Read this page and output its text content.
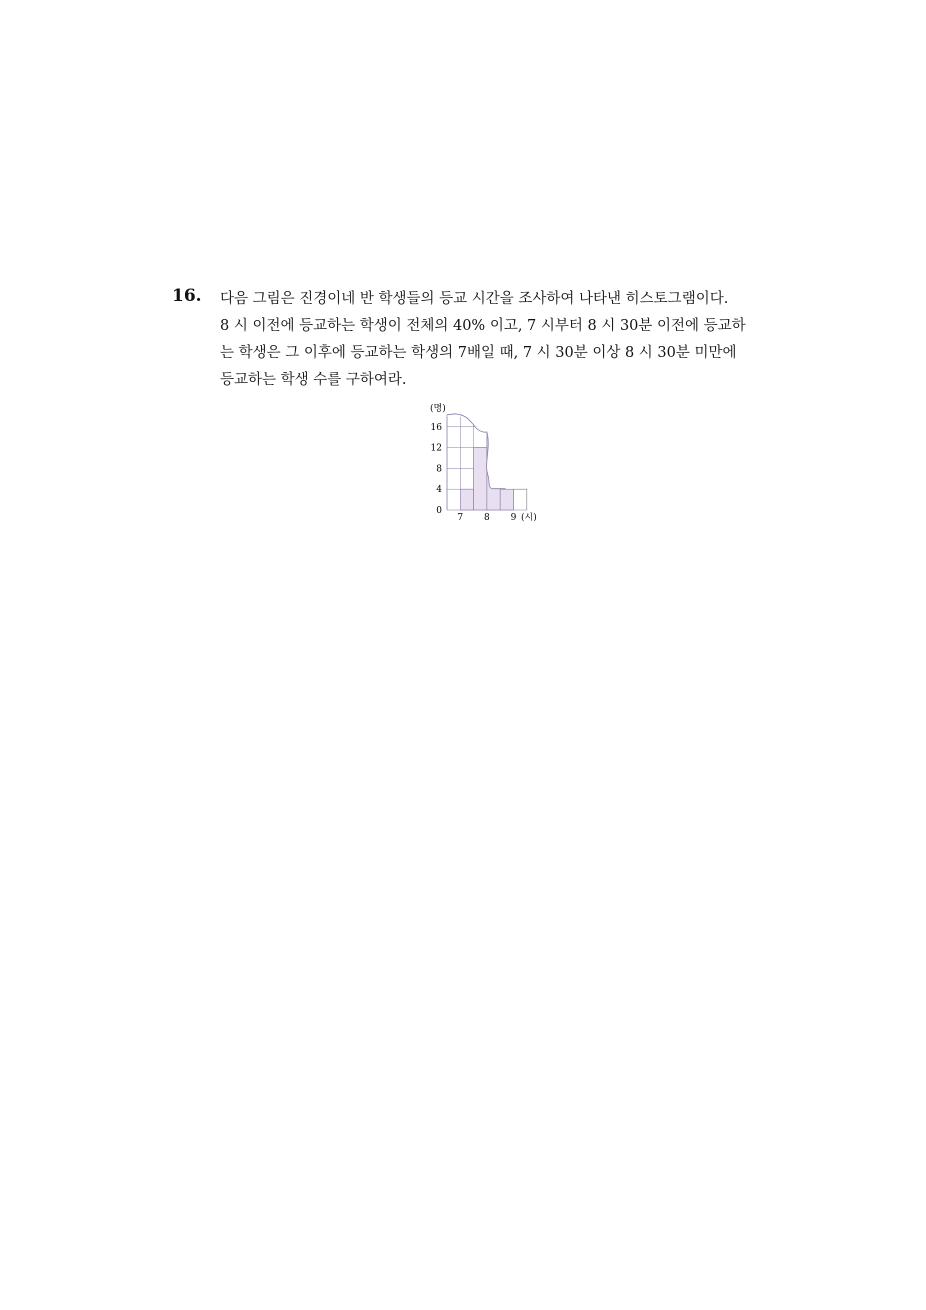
16. 다음 그림은 진경이네 반 학생들의 등교 시간을 조사하여 나타낸 히스토그램이다.
8 시 이전에 등교하는 학생이 전체의 40% 이고, 7 시부터 8 시 30분 이전에 등교하
는 학생은 그 이후에 등교하는 학생의 7배일 때, 7 시 30분 이상 8 시 30분 미만에
등교하는 학생 수를 구하여라.
0
4
8
12
16
7 8 9
(명)
(시)
